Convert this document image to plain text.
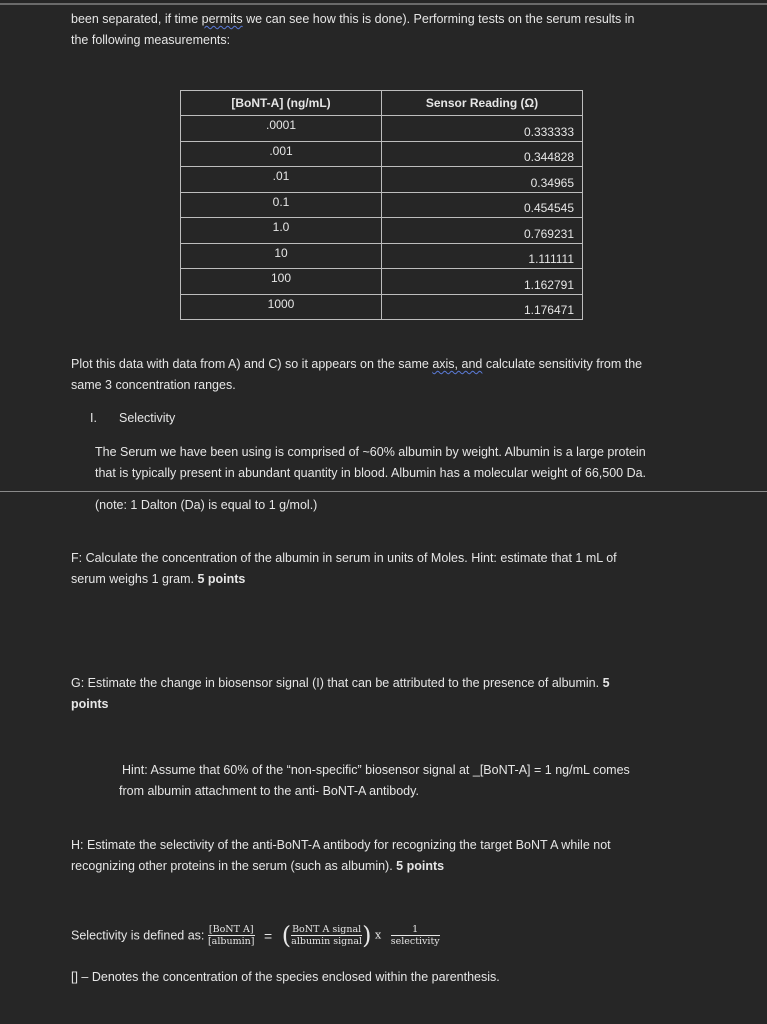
been separated, if time permits we can see how this is done). Performing tests on the serum results in
the following measurements:
[BoNT-A] (ng/mL)	Sensor Reading (Ω)

.0001	0.333333

.001	0.344828

.01	0.34965

0.1	0.454545

1.0	0.769231

10	1.111111

100	1.162791

1000	1.176471
Plot this data with data from A) and C) so it appears on the same axis, and calculate sensitivity from the
same 3 concentration ranges.
I. Selectivity
The Serum we have been using is comprised of ~60% albumin by weight. Albumin is a large protein
that is typically present in abundant quantity in blood. Albumin has a molecular weight of 66,500 Da.
(note: 1 Dalton (Da) is equal to 1 g/mol.)
F: Calculate the concentration of the albumin in serum in units of Moles. Hint: estimate that 1 mL of
serum weighs 1 gram. 5 points
G: Estimate the change in biosensor signal (I) that can be attributed to the presence of albumin. 5
points
Hint: Assume that 60% of the “non-specific” biosensor signal at _[BoNT-A] = 1 ng/mL comes
from albumin attachment to the anti- BoNT-A antibody.
H: Estimate the selectivity of the anti-BoNT-A antibody for recognizing the target BoNT A while not
recognizing other proteins in the serum (such as albumin). 5 points
Selectivity is defined as: $\frac{\text{[BoNT A]}}{\text{[albumin]}}$ = ( $\frac{\text{BoNT A signal}}{\text{albumin signal}}$ ) x $\frac{1}{\text{selectivity}}$
[] – Denotes the concentration of the species enclosed within the parenthesis.
